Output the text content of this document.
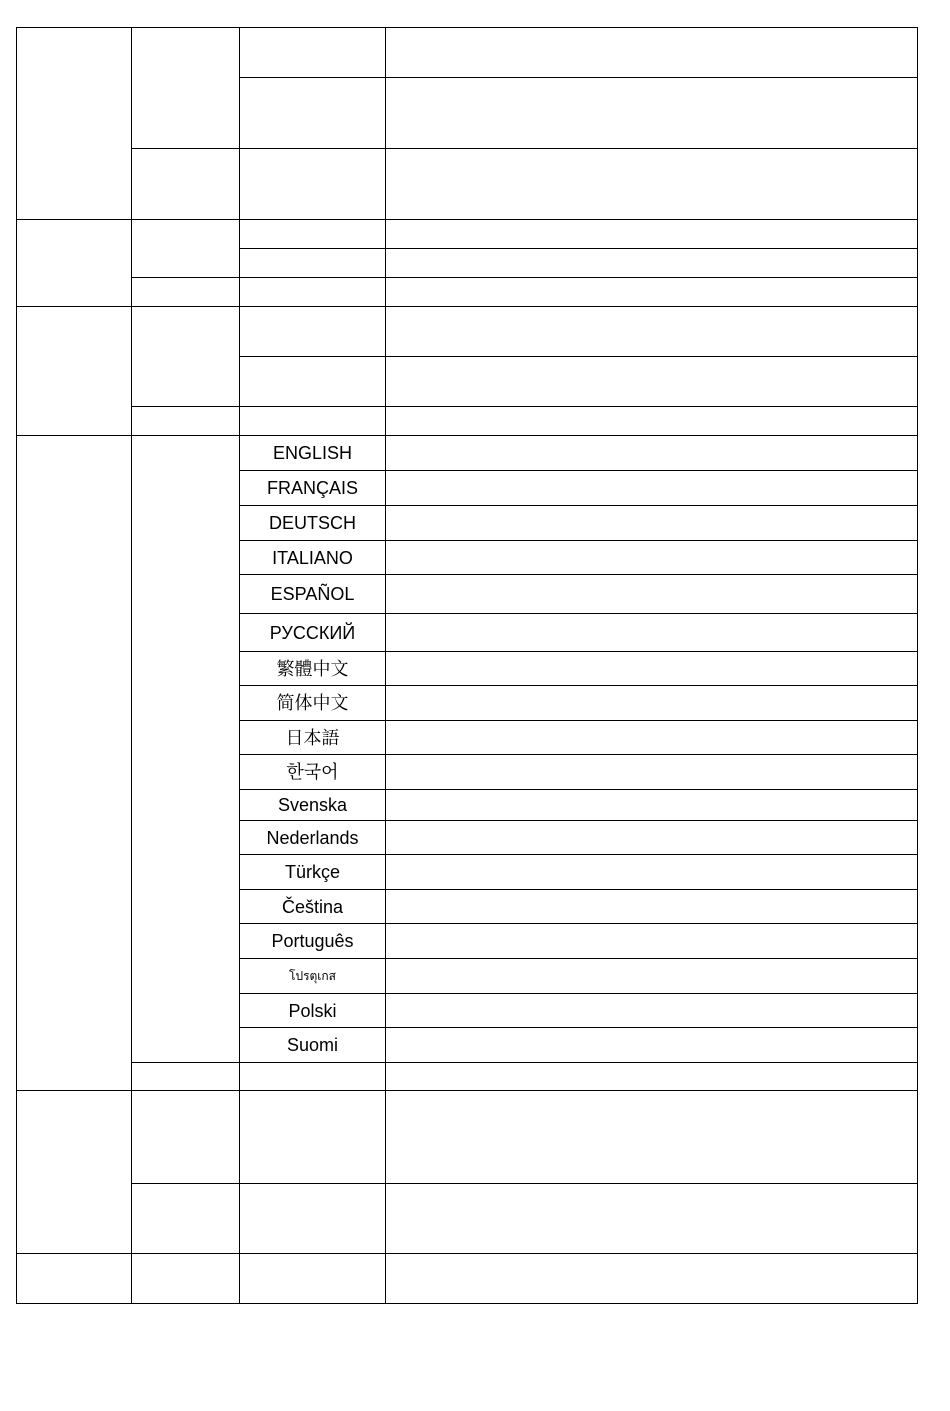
		ENGLISH	
		FRANÇAIS	
		DEUTSCH	
		ITALIANO	
		ESPAÑOL	
		РУССКИЙ	
		繁體中文	
		简体中文	
		日本語	
		한국어	
		Svenska	
		Nederlands	
		Türkçe	
		Čeština	
		Português	
		โปรตุเกส	
		Polski	
		Suomi	
